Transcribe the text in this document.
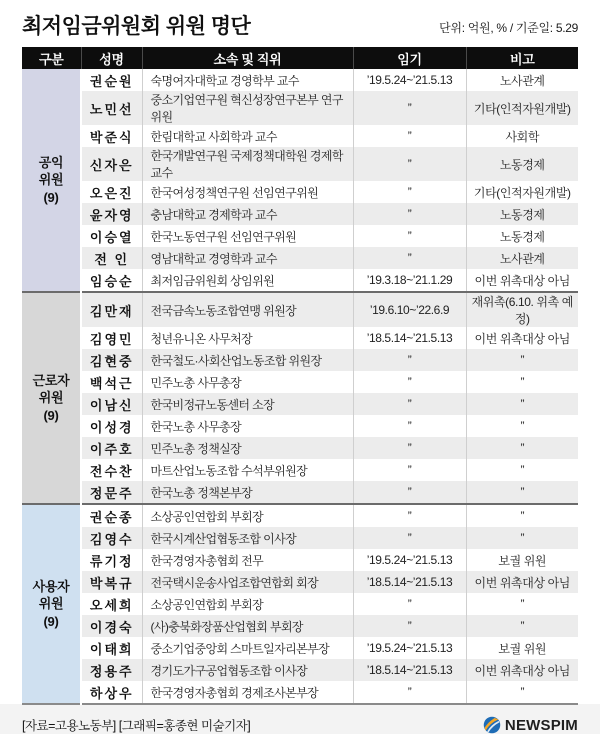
최저임금위원회 위원 명단	단위: 억원, % / 기준일: 5.29
구분	성명	소속 및 직위	임기	비고
공익
위원
(9)	권순원	숙명여자대학교 경영학부 교수	’19.5.24~’21.5.13	노사관계
	노민선	중소기업연구원 혁신성장연구본부 연구위원	”	기타(인적자원개발)
	박준식	한림대학교 사회학과 교수	”	사회학
	신자은	한국개발연구원 국제정책대학원 경제학 교수	”	노동경제
	오은진	한국여성정책연구원 선임연구위원	”	기타(인적자원개발)
	윤자영	충남대학교 경제학과 교수	”	노동경제
	이승열	한국노동연구원 선임연구위원	”	노동경제
	전 인	영남대학교 경영학과 교수	”	노사관계
	임승순	최저임금위원회 상임위원	’19.3.18~’21.1.29	이번 위촉대상 아님
근로자
위원
(9)	김만재	전국금속노동조합연맹 위원장	’19.6.10~’22.6.9	재위촉(6.10. 위촉 예정)
	김영민	청년유니온 사무처장	’18.5.14~’21.5.13	이번 위촉대상 아님
	김현중	한국철도·사회산업노동조합 위원장	”	”
	백석근	민주노총 사무총장	”	”
	이남신	한국비정규노동센터 소장	”	”
	이성경	한국노총 사무총장	”	”
	이주호	민주노총 정책실장	”	”
	전수찬	마트산업노동조합 수석부위원장	”	”
	정문주	한국노총 정책본부장	”	”
사용자
위원
(9)	권순종	소상공인연합회 부회장	”	”
	김영수	한국시계산업협동조합 이사장	”	”
	류기정	한국경영자총협회 전무	’19.5.24~’21.5.13	보궐 위원
	박복규	전국택시운송사업조합연합회 회장	’18.5.14~’21.5.13	이번 위촉대상 아님
	오세희	소상공인연합회 부회장	”	”
	이경숙	(사)충북화장품산업협회 부회장	”	”
	이태희	중소기업중앙회 스마트일자리본부장	’19.5.24~’21.5.13	보궐 위원
	정용주	경기도가구공업협동조합 이사장	’18.5.14~’21.5.13	이번 위촉대상 아님
	하상우	한국경영자총협회 경제조사본부장	”	”
[자료=고용노동부] [그래픽=홍종현 미술기자]	NEWSPIM
